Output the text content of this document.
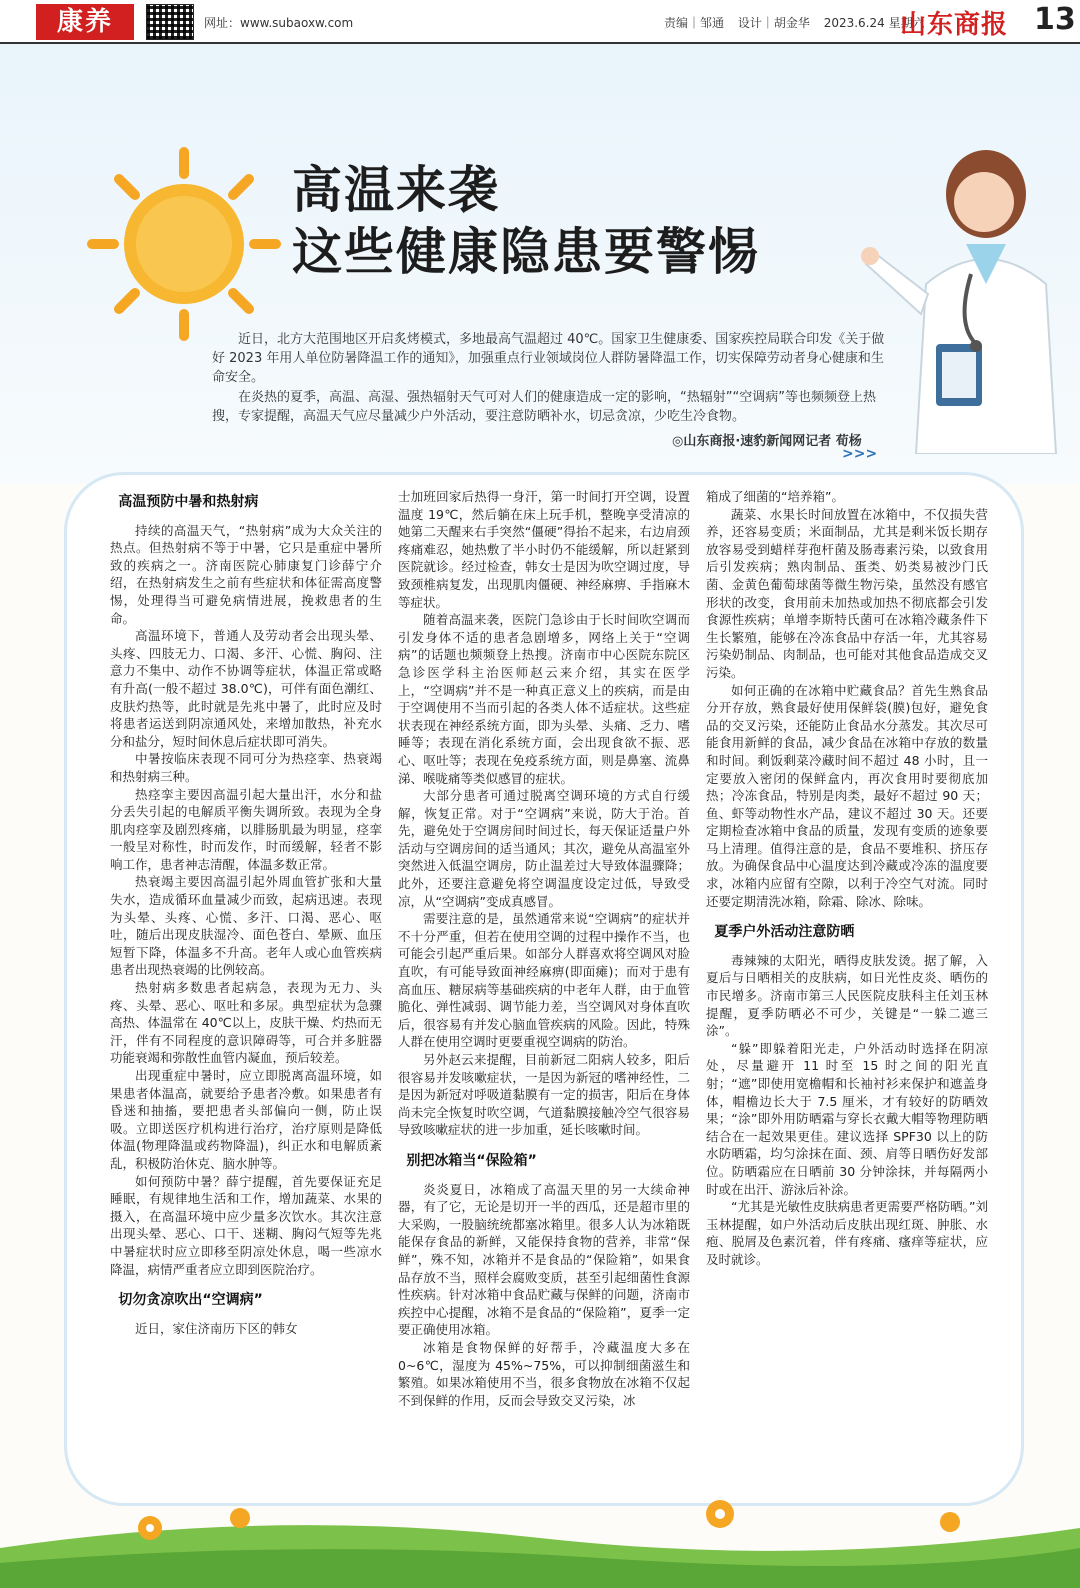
康养	网址：www.subaoxw.com	责编｜邹通 设计｜胡金华 2023.6.24 星期六
山东商报 13
高温来袭
这些健康隐患要警惕

近日，北方大范围地区开启炙烤模式，多地最高气温超过 40℃。国家卫生健康委、国家疾控局联合印发《关于做好 2023 年用人单位防暑降温工作的通知》，加强重点行业领域岗位人群防暑降温工作，切实保障劳动者身心健康和生命安全。

在炎热的夏季，高温、高湿、强热辐射天气可对人们的健康造成一定的影响，“热辐射”“空调病”等也频频登上热搜，专家提醒，高温天气应尽量减少户外活动，要注意防晒补水，切忌贪凉，少吃生冷食物。

◎山东商报·速豹新闻网记者 荀杨
>>>
高温预防中暑和热射病

持续的高温天气，“热射病”成为大众关注的热点。但热射病不等于中暑，它只是重症中暑所致的疾病之一。济南医院心肺康复门诊薛宁介绍，在热射病发生之前有些症状和体征需高度警惕，处理得当可避免病情进展，挽救患者的生命。

高温环境下，普通人及劳动者会出现头晕、头疼、四肢无力、口渴、多汗、心慌、胸闷、注意力不集中、动作不协调等症状，体温正常或略有升高(一般不超过 38.0℃)，可伴有面色潮红、皮肤灼热等，此时就是先兆中暑了，此时应及时将患者运送到阴凉通风处，来增加散热，补充水分和盐分，短时间休息后症状即可消失。

中暑按临床表现不同可分为热痉挛、热衰竭和热射病三种。

热痉挛主要因高温引起大量出汗，水分和盐分丢失引起的电解质平衡失调所致。表现为全身肌肉痉挛及剧烈疼痛，以腓肠肌最为明显，痉挛一般呈对称性，时而发作，时而缓解，轻者不影响工作，患者神志清醒，体温多数正常。

热衰竭主要因高温引起外周血管扩张和大量失水，造成循环血量减少而致，起病迅速。表现为头晕、头疼、心慌、多汗、口渴、恶心、呕吐，随后出现皮肤湿冷、面色苍白、晕厥、血压短暂下降，体温多不升高。老年人或心血管疾病患者出现热衰竭的比例较高。

热射病多数患者起病急，表现为无力、头疼、头晕、恶心、呕吐和多尿。典型症状为急骤高热、体温常在 40℃以上，皮肤干燥、灼热而无汗，伴有不同程度的意识障碍等，可合并多脏器功能衰竭和弥散性血管内凝血，预后较差。

出现重症中暑时，应立即脱离高温环境，如果患者体温高，就要给予患者冷敷。如果患者有昏迷和抽搐，要把患者头部偏向一侧，防止误吸。立即送医疗机构进行治疗，治疗原则是降低体温(物理降温或药物降温)，纠正水和电解质紊乱，积极防治休克、脑水肿等。

如何预防中暑？薛宁提醒，首先要保证充足睡眠，有规律地生活和工作，增加蔬菜、水果的摄入，在高温环境中应少量多次饮水。其次注意出现头晕、恶心、口干、迷糊、胸闷气短等先兆中暑症状时应立即移至阴凉处休息，喝一些凉水降温，病情严重者应立即到医院治疗。

切勿贪凉吹出“空调病”

近日，家住济南历下区的韩女

士加班回家后热得一身汗，第一时间打开空调，设置温度 19℃，然后躺在床上玩手机，整晚享受清凉的她第二天醒来右手突然“僵硬”得抬不起来，右边肩颈疼痛难忍，她热敷了半小时仍不能缓解，所以赶紧到医院就诊。经过检查，韩女士是因为吹空调过度，导致颈椎病复发，出现肌肉僵硬、神经麻痹、手指麻木等症状。

随着高温来袭，医院门急诊由于长时间吹空调而引发身体不适的患者急剧增多，网络上关于“空调病”的话题也频频登上热搜。济南市中心医院东院区急诊医学科主治医师赵云来介绍，其实在医学上，“空调病”并不是一种真正意义上的疾病，而是由于空调使用不当而引起的各类人体不适症状。这些症状表现在神经系统方面，即为头晕、头痛、乏力、嗜睡等；表现在消化系统方面，会出现食欲不振、恶心、呕吐等；表现在免疫系统方面，则是鼻塞、流鼻涕、喉咙痛等类似感冒的症状。

大部分患者可通过脱离空调环境的方式自行缓解，恢复正常。对于“空调病”来说，防大于治。首先，避免处于空调房间时间过长，每天保证适量户外活动与空调房间的适当通风；其次，避免从高温室外突然进入低温空调房，防止温差过大导致体温骤降；此外，还要注意避免将空调温度设定过低，导致受凉，从“空调病”变成真感冒。

需要注意的是，虽然通常来说“空调病”的症状并不十分严重，但若在使用空调的过程中操作不当，也可能会引起严重后果。如部分人群喜欢将空调风对脸直吹，有可能导致面神经麻痹(即面瘫)；而对于患有高血压、糖尿病等基础疾病的中老年人群，由于血管脆化、弹性减弱、调节能力差，当空调风对身体直吹后，很容易有并发心脑血管疾病的风险。因此，特殊人群在使用空调时更要重视空调病的防治。

另外赵云来提醒，目前新冠二阳病人较多，阳后很容易并发咳嗽症状，一是因为新冠的嗜神经性，二是因为新冠对呼吸道黏膜有一定的损害，阳后在身体尚未完全恢复时吹空调，气道黏膜接触冷空气很容易导致咳嗽症状的进一步加重，延长咳嗽时间。

别把冰箱当“保险箱”

炎炎夏日，冰箱成了高温天里的另一大续命神器，有了它，无论是切开一半的西瓜，还是超市里的大采购，一股脑统统都塞冰箱里。很多人认为冰箱既能保存食品的新鲜，又能保持食物的营养，非常“保鲜”，殊不知，冰箱并不是食品的“保险箱”，如果食品存放不当，照样会腐败变质，甚至引起细菌性食源性疾病。针对冰箱中食品贮藏与保鲜的问题，济南市疾控中心提醒，冰箱不是食品的“保险箱”，夏季一定要正确使用冰箱。

冰箱是食物保鲜的好帮手，冷藏温度大多在 0~6℃，湿度为 45%~75%，可以抑制细菌滋生和繁殖。如果冰箱使用不当，很多食物放在冰箱不仅起不到保鲜的作用，反而会导致交叉污染，冰

箱成了细菌的“培养箱”。

蔬菜、水果长时间放置在冰箱中，不仅损失营养，还容易变质；米面制品，尤其是剩米饭长期存放容易受到蜡样芽孢杆菌及肠毒素污染，以致食用后引发疾病；熟肉制品、蛋类、奶类易被沙门氏菌、金黄色葡萄球菌等微生物污染，虽然没有感官形状的改变，食用前未加热或加热不彻底都会引发食源性疾病；单增李斯特氏菌可在冰箱冷藏条件下生长繁殖，能够在冷冻食品中存活一年，尤其容易污染奶制品、肉制品，也可能对其他食品造成交叉污染。

如何正确的在冰箱中贮藏食品？首先生熟食品分开存放，熟食最好使用保鲜袋(膜)包好，避免食品的交叉污染，还能防止食品水分蒸发。其次尽可能食用新鲜的食品，减少食品在冰箱中存放的数量和时间。剩饭剩菜冷藏时间不超过 48 小时，且一定要放入密闭的保鲜盒内，再次食用时要彻底加热；冷冻食品，特别是肉类，最好不超过 90 天；鱼、虾等动物性水产品，建议不超过 30 天。还要定期检查冰箱中食品的质量，发现有变质的迹象要马上清理。值得注意的是，食品不要堆积、挤压存放。为确保食品中心温度达到冷藏或冷冻的温度要求，冰箱内应留有空隙，以利于冷空气对流。同时还要定期清洗冰箱，除霜、除冰、除味。

夏季户外活动注意防晒

毒辣辣的太阳光，晒得皮肤发烫。据了解，入夏后与日晒相关的皮肤病，如日光性皮炎、晒伤的市民增多。济南市第三人民医院皮肤科主任刘玉林提醒，夏季防晒必不可少，关键是“一躲二遮三涂”。

“躲”即躲着阳光走，户外活动时选择在阴凉处，尽量避开 11 时至 15 时之间的阳光直射；“遮”即使用宽檐帽和长袖衬衫来保护和遮盖身体，帽檐边长大于 7.5 厘米，才有较好的防晒效果；“涂”即外用防晒霜与穿长衣戴大帽等物理防晒结合在一起效果更佳。建议选择 SPF30 以上的防水防晒霜，均匀涂抹在面、颈、肩等日晒伤好发部位。防晒霜应在日晒前 30 分钟涂抹，并每隔两小时或在出汗、游泳后补涂。

“尤其是光敏性皮肤病患者更需要严格防晒。”刘玉林提醒，如户外活动后皮肤出现红斑、肿胀、水疱、脱屑及色素沉着，伴有疼痛、瘙痒等症状，应及时就诊。
